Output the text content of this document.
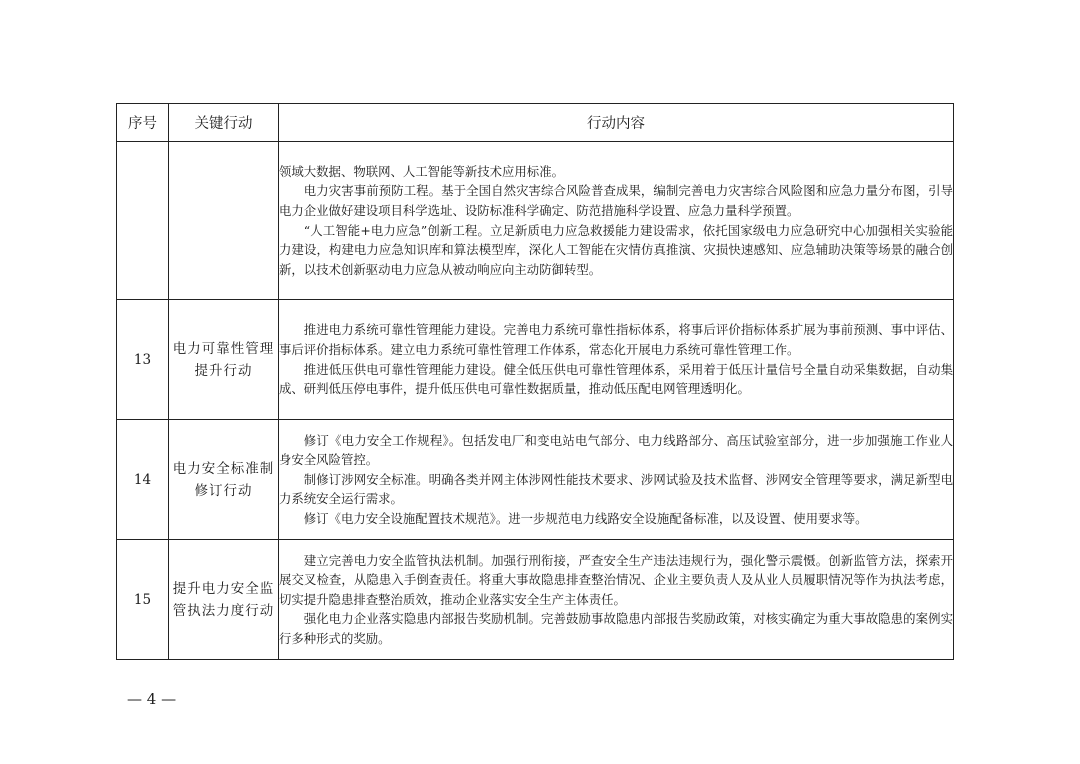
序号	关键行动	行动内容

		领域大数据、物联网、人工智能等新技术应用标准。

电力灾害事前预防工程。基于全国自然灾害综合风险普查成果，编制完善电力灾害综合风险图和应急力量分布图，引导电力企业做好建设项目科学选址、设防标准科学确定、防范措施科学设置、应急力量科学预置。

“人工智能+电力应急”创新工程。立足新质电力应急救援能力建设需求，依托国家级电力应急研究中心加强相关实验能力建设，构建电力应急知识库和算法模型库，深化人工智能在灾情仿真推演、灾损快速感知、应急辅助决策等场景的融合创新，以技术创新驱动电力应急从被动响应向主动防御转型。

13	电力可靠性管理提升行动	推进电力系统可靠性管理能力建设。完善电力系统可靠性指标体系，将事后评价指标体系扩展为事前预测、事中评估、事后评价指标体系。建立电力系统可靠性管理工作体系，常态化开展电力系统可靠性管理工作。

推进低压供电可靠性管理能力建设。健全低压供电可靠性管理体系，采用着于低压计量信号全量自动采集数据，自动集成、研判低压停电事件，提升低压供电可靠性数据质量，推动低压配电网管理透明化。

14	电力安全标准制修订行动	修订《电力安全工作规程》。包括发电厂和变电站电气部分、电力线路部分、高压试验室部分，进一步加强施工作业人身安全风险管控。

制修订涉网安全标准。明确各类并网主体涉网性能技术要求、涉网试验及技术监督、涉网安全管理等要求，满足新型电力系统安全运行需求。

修订《电力安全设施配置技术规范》。进一步规范电力线路安全设施配备标准，以及设置、使用要求等。

15	提升电力安全监管执法力度行动	建立完善电力安全监管执法机制。加强行刑衔接，严查安全生产违法违规行为，强化警示震慑。创新监管方法，探索开展交叉检查，从隐患入手倒查责任。将重大事故隐患排查整治情况、企业主要负责人及从业人员履职情况等作为执法考虑，切实提升隐患排查整治质效，推动企业落实安全生产主体责任。

强化电力企业落实隐患内部报告奖励机制。完善鼓励事故隐患内部报告奖励政策，对核实确定为重大事故隐患的案例实行多种形式的奖励。

— 4 —
